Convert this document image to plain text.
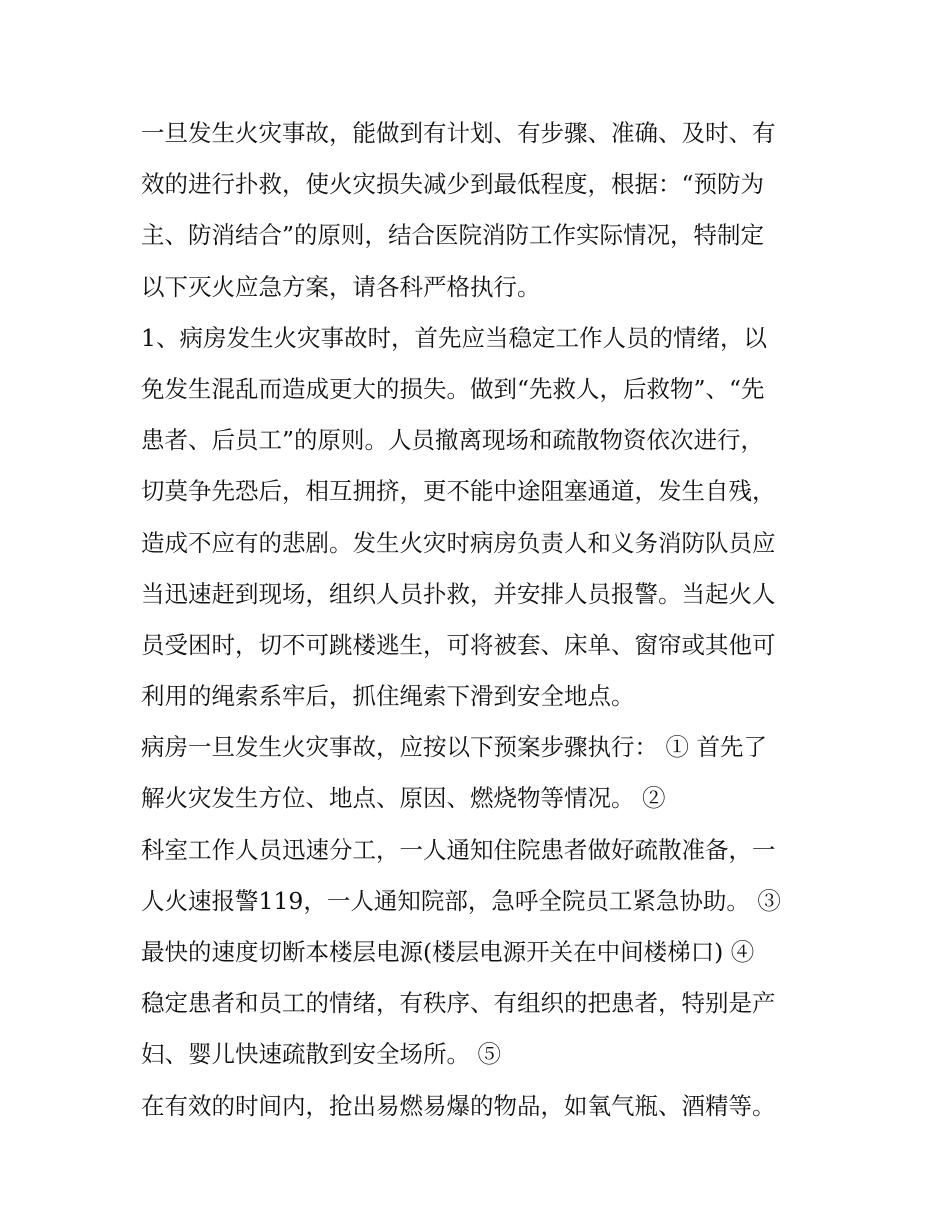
一旦发生火灾事故，能做到有计划、有步骤、准确、及时、有
效的进行扑救，使火灾损失减少到最低程度，根据：“预防为
主、防消结合”的原则，结合医院消防工作实际情况，特制定
以下灭火应急方案，请各科严格执行。
1、病房发生火灾事故时，首先应当稳定工作人员的情绪，以
免发生混乱而造成更大的损失。做到“先救人，后救物”、“先
患者、后员工”的原则。人员撤离现场和疏散物资依次进行，
切莫争先恐后，相互拥挤，更不能中途阻塞通道，发生自残，
造成不应有的悲剧。发生火灾时病房负责人和义务消防队员应
当迅速赶到现场，组织人员扑救，并安排人员报警。当起火人
员受困时，切不可跳楼逃生，可将被套、床单、窗帘或其他可
利用的绳索系牢后，抓住绳索下滑到安全地点。
病房一旦发生火灾事故，应按以下预案步骤执行： ① 首先了
解火灾发生方位、地点、原因、燃烧物等情况。 ②
科室工作人员迅速分工，一人通知住院患者做好疏散准备，一
人火速报警119，一人通知院部，急呼全院员工紧急协助。 ③
最快的速度切断本楼层电源(楼层电源开关在中间楼梯口) ④
稳定患者和员工的情绪，有秩序、有组织的把患者，特别是产
妇、婴儿快速疏散到安全场所。 ⑤
在有效的时间内，抢出易燃易爆的物品，如氧气瓶、酒精等。
